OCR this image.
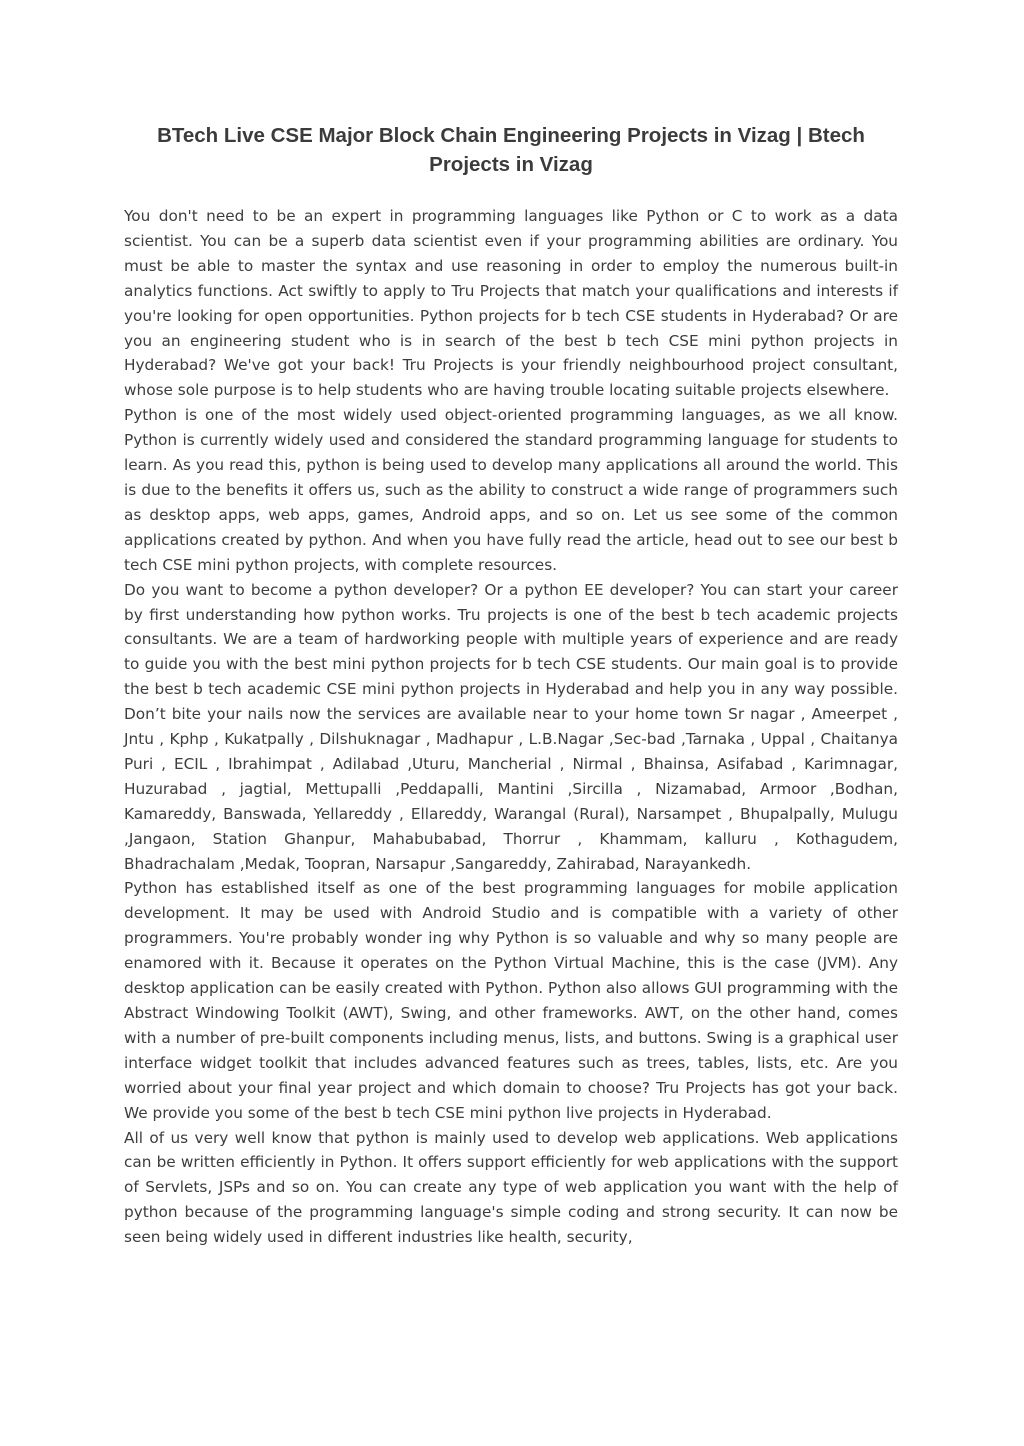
BTech Live CSE Major Block Chain Engineering Projects in Vizag | Btech Projects in Vizag

You don't need to be an expert in programming languages like Python or C to work as a data scientist. You can be a superb data scientist even if your programming abilities are ordinary. You must be able to master the syntax and use reasoning in order to employ the numerous built-in analytics functions. Act swiftly to apply to Tru Projects that match your qualifications and interests if you're looking for open opportunities. Python projects for b tech CSE students in Hyderabad? Or are you an engineering student who is in search of the best b tech CSE mini python projects in Hyderabad? We've got your back! Tru Projects is your friendly neighbourhood project consultant, whose sole purpose is to help students who are having trouble locating suitable projects elsewhere.

Python is one of the most widely used object-oriented programming languages, as we all know. Python is currently widely used and considered the standard programming language for students to learn. As you read this, python is being used to develop many applications all around the world. This is due to the benefits it offers us, such as the ability to construct a wide range of programmers such as desktop apps, web apps, games, Android apps, and so on. Let us see some of the common applications created by python. And when you have fully read the article, head out to see our best b tech CSE mini python projects, with complete resources.

Do you want to become a python developer? Or a python EE developer? You can start your career by first understanding how python works. Tru projects is one of the best b tech academic projects consultants. We are a team of hardworking people with multiple years of experience and are ready to guide you with the best mini python projects for b tech CSE students. Our main goal is to provide the best b tech academic CSE mini python projects in Hyderabad and help you in any way possible. Don’t bite your nails now the services are available near to your home town Sr nagar , Ameerpet , Jntu , Kphp , Kukatpally , Dilshuknagar , Madhapur , L.B.Nagar ,Sec-bad ,Tarnaka , Uppal , Chaitanya Puri , ECIL , Ibrahimpat , Adilabad ,Uturu, Mancherial , Nirmal , Bhainsa, Asifabad , Karimnagar, Huzurabad , jagtial, Mettupalli ,Peddapalli, Mantini ,Sircilla , Nizamabad, Armoor ,Bodhan, Kamareddy, Banswada, Yellareddy , Ellareddy, Warangal (Rural), Narsampet , Bhupalpally, Mulugu ,Jangaon, Station Ghanpur, Mahabubabad, Thorrur , Khammam, kalluru , Kothagudem, Bhadrachalam ,Medak, Toopran, Narsapur ,Sangareddy, Zahirabad, Narayankedh.

Python has established itself as one of the best programming languages for mobile application development. It may be used with Android Studio and is compatible with a variety of other programmers. You're probably wonder ing why Python is so valuable and why so many people are enamored with it. Because it operates on the Python Virtual Machine, this is the case (JVM). Any desktop application can be easily created with Python. Python also allows GUI programming with the Abstract Windowing Toolkit (AWT), Swing, and other frameworks. AWT, on the other hand, comes with a number of pre-built components including menus, lists, and buttons. Swing is a graphical user interface widget toolkit that includes advanced features such as trees, tables, lists, etc. Are you worried about your final year project and which domain to choose? Tru Projects has got your back. We provide you some of the best b tech CSE mini python live projects in Hyderabad.

All of us very well know that python is mainly used to develop web applications. Web applications can be written efficiently in Python. It offers support efficiently for web applications with the support of Servlets, JSPs and so on. You can create any type of web application you want with the help of python because of the programming language's simple coding and strong security. It can now be seen being widely used in different industries like health, security,
